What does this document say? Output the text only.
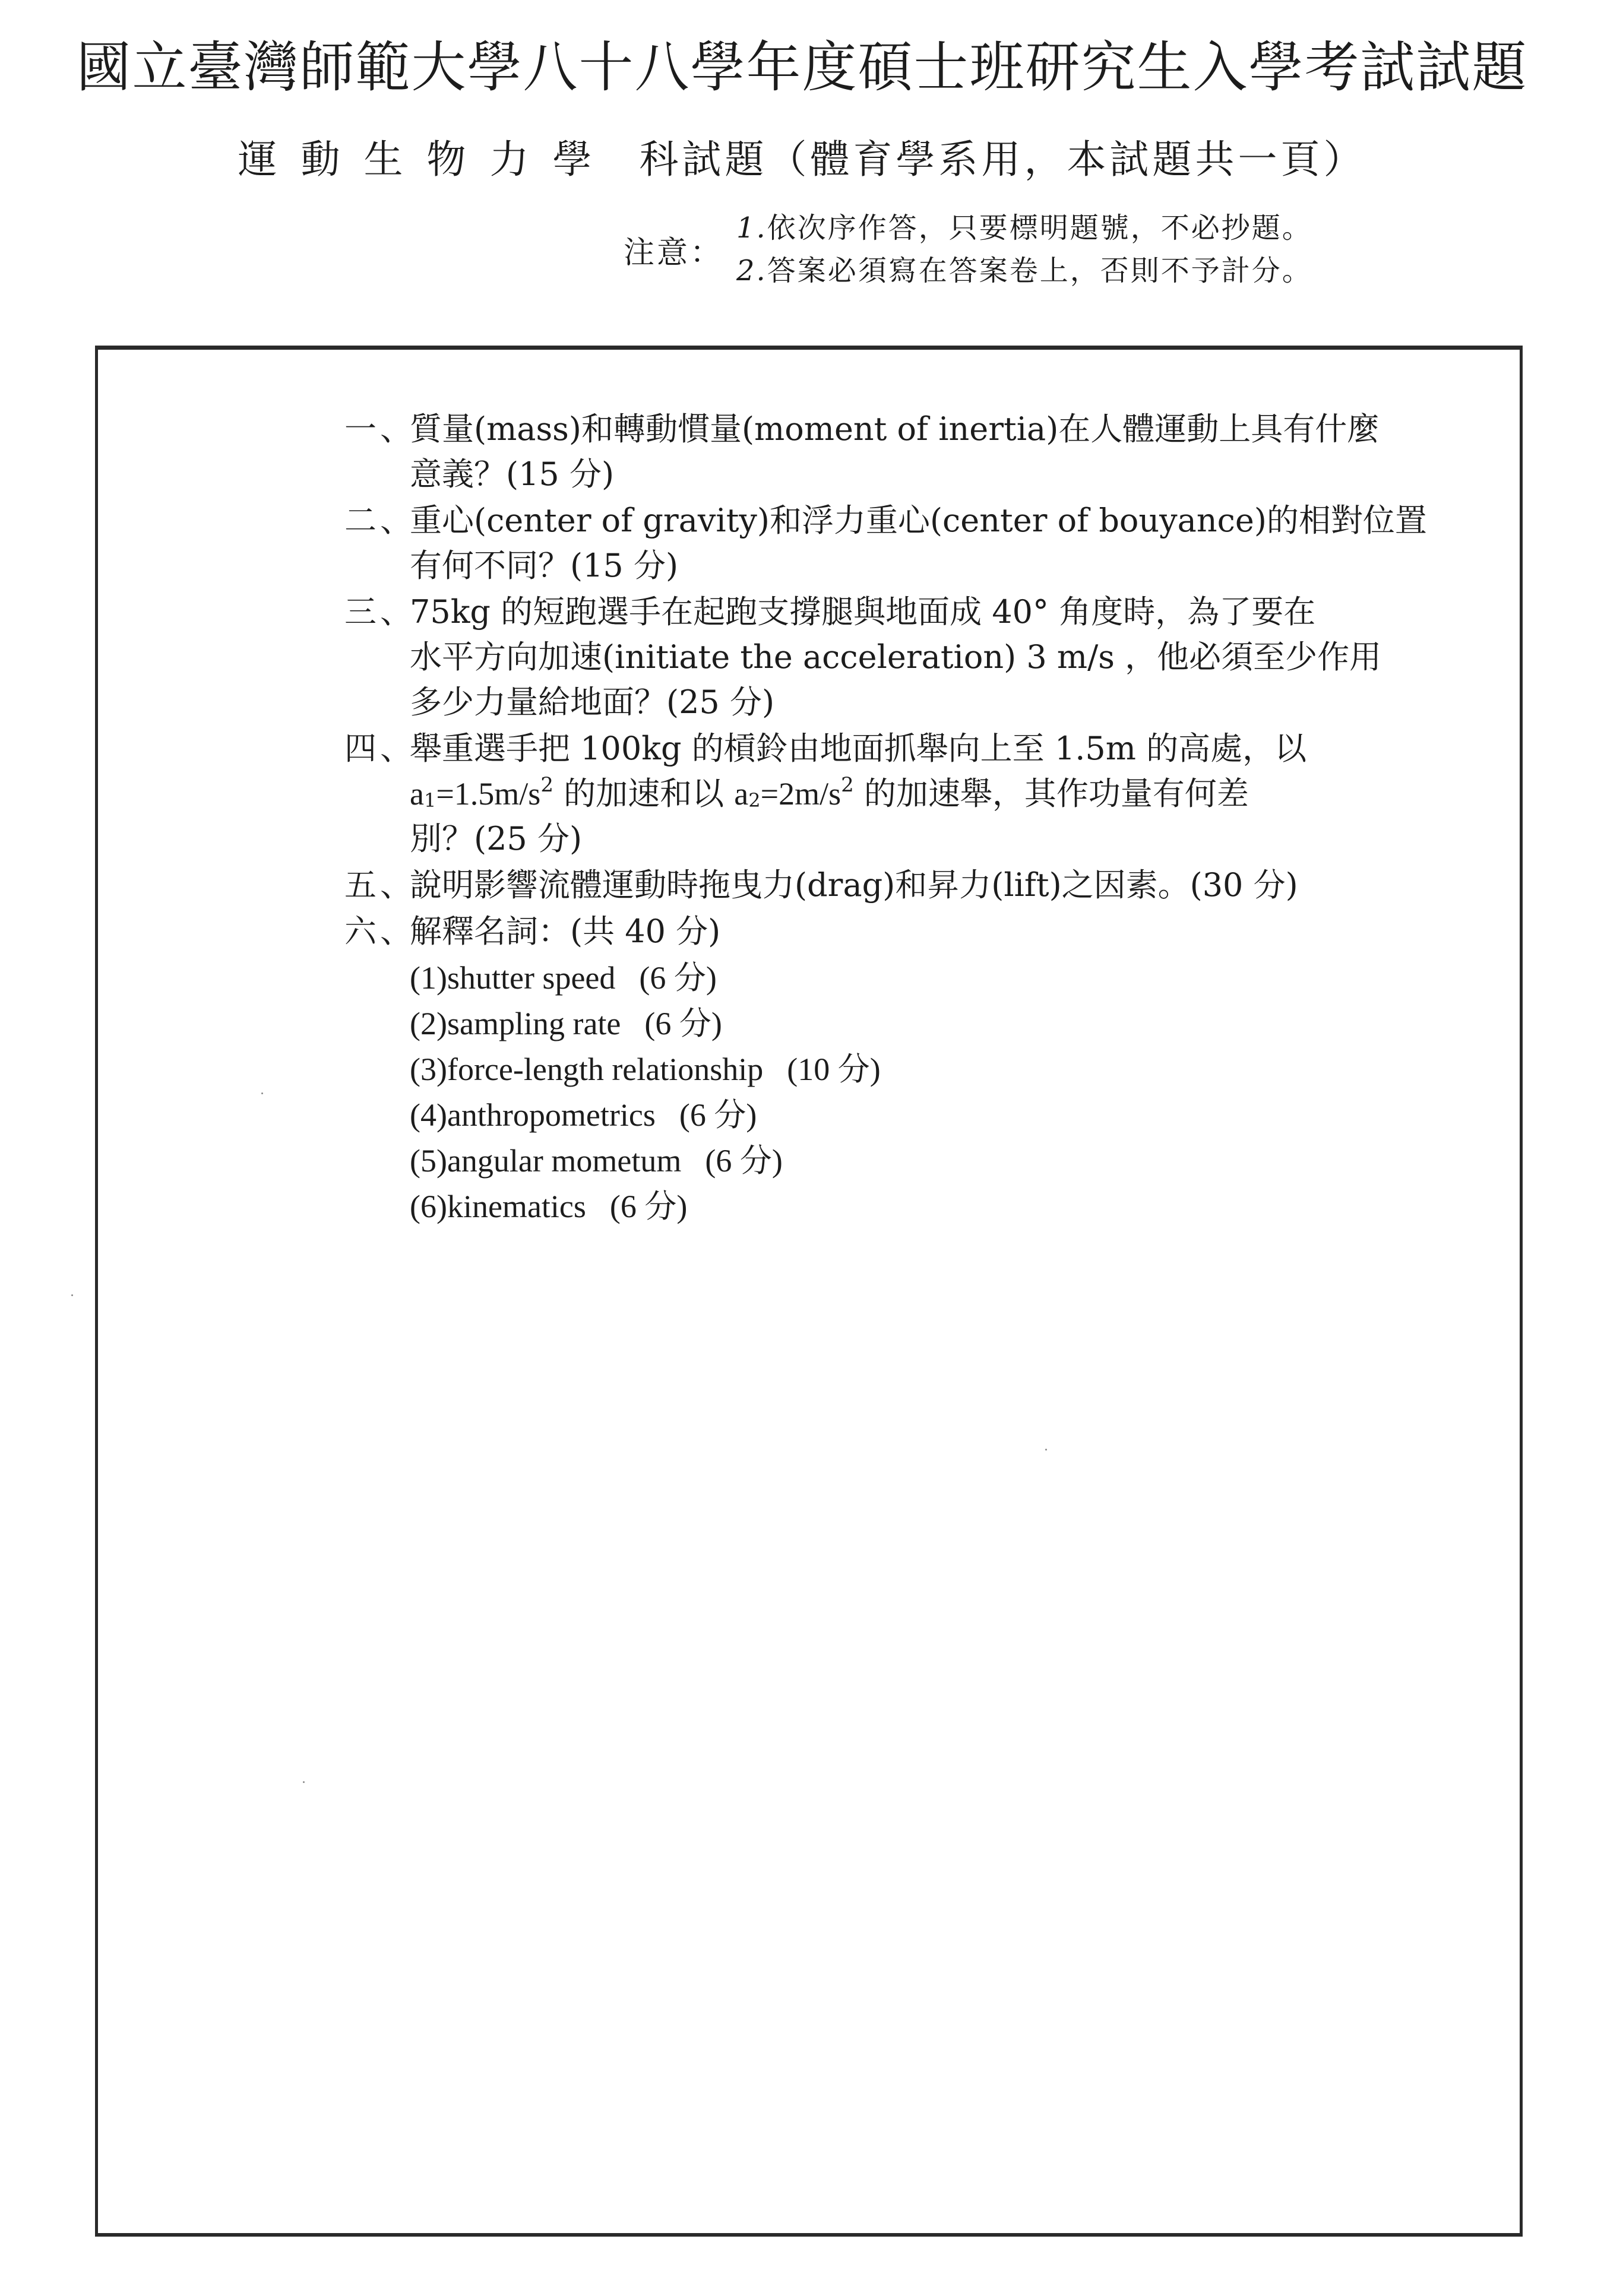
國立臺灣師範大學八十八學年度碩士班研究生入學考試試題
運動生物力學 科試題（體育學系用，本試題共一頁）
注意：
1.依次序作答，只要標明題號，不必抄題。
2.答案必須寫在答案卷上，否則不予計分。
一、
質量(mass)和轉動慣量(moment of inertia)在人體運動上具有什麼
意義？(15 分)
二、
重心(center of gravity)和浮力重心(center of bouyance)的相對位置
有何不同？(15 分)
三、
75kg 的短跑選手在起跑支撐腿與地面成 40° 角度時，為了要在
水平方向加速(initiate the acceleration) 3 m/s ，他必須至少作用
多少力量給地面？(25 分)
四、
舉重選手把 100kg 的槓鈴由地面抓舉向上至 1.5m 的高處，以
$a_1=1.5m/s^2$ 的加速和以 $a_2=2m/s^2$ 的加速舉，其作功量有何差
別？(25 分)
五、
說明影響流體運動時拖曳力(drag)和昇力(lift)之因素。(30 分)
六、
解釋名詞：(共 40 分)
(1)shutter speed (6 分)
(2)sampling rate (6 分)
(3)force-length relationship (10 分)
(4)anthropometrics (6 分)
(5)angular mometum (6 分)
(6)kinematics (6 分)
